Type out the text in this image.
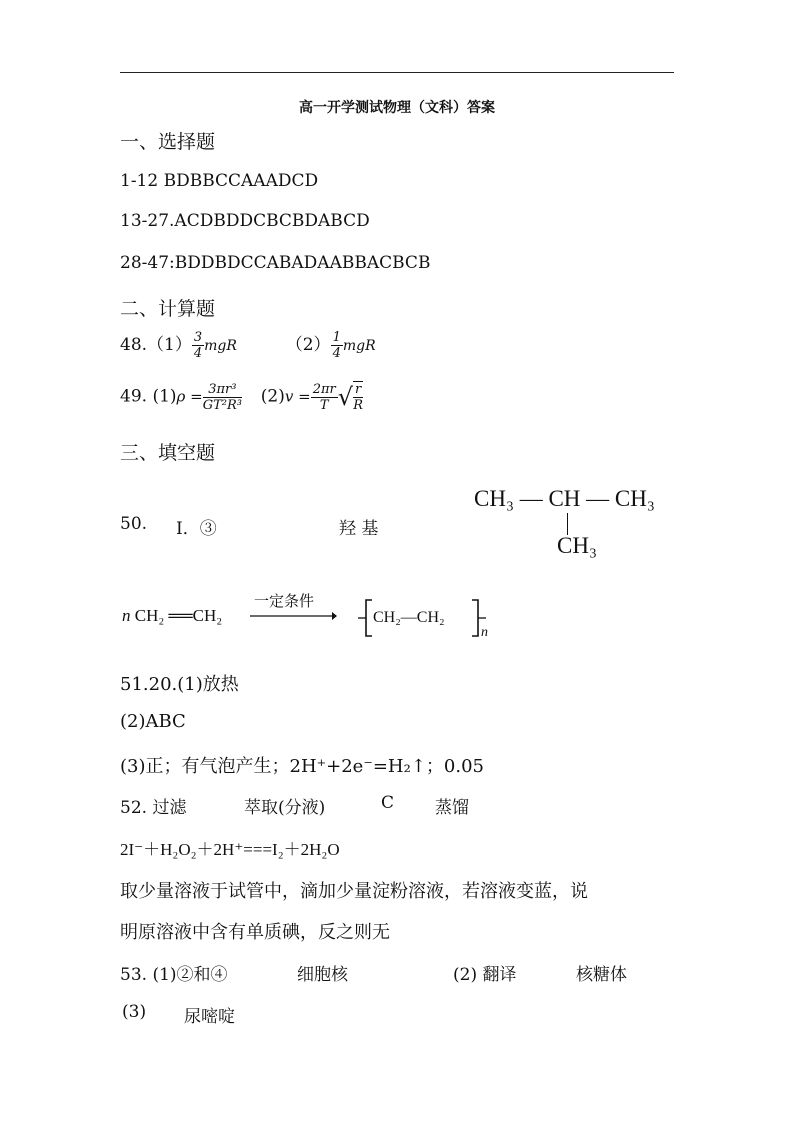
高一开学测试物理（文科）答案
一、选择题
1-12 BDBBCCAAADCD
13-27.ACDBDDCBCBDABCD
28-47:BDDBDCCABADAABBACBCB
二、计算题
$48.(1) \frac{3}{4}$ mgR	$(2) \frac{1}{4}$ mgR
49. $(1)\rho = \frac{\text{3πr³}}{\text{GT²R³}} (2)v = \frac{2\pi r}{T}$ √ $\frac{r}{R}$
三、填空题
50. Ⅰ．③	羟 基
CH₃ — CH — CH₃
CH₃
n CH₂ ══CH₂
一定条件
CH₂—CH₂
n
51.20.(1)放热
(2)ABC
(3)正；有气泡产生；2H⁺+2e⁻=H₂↑；0.05
52. 过滤	萃取(分液)	C 蒸馏
2I⁻＋H₂O₂＋2H⁺===I₂＋2H₂O
取少量溶液于试管中，滴加少量淀粉溶液，若溶液变蓝，说
明原溶液中含有单质碘，反之则无
53. (1)②和④	细胞核	(2) 翻译	核糖体
(3) 尿嘧啶
